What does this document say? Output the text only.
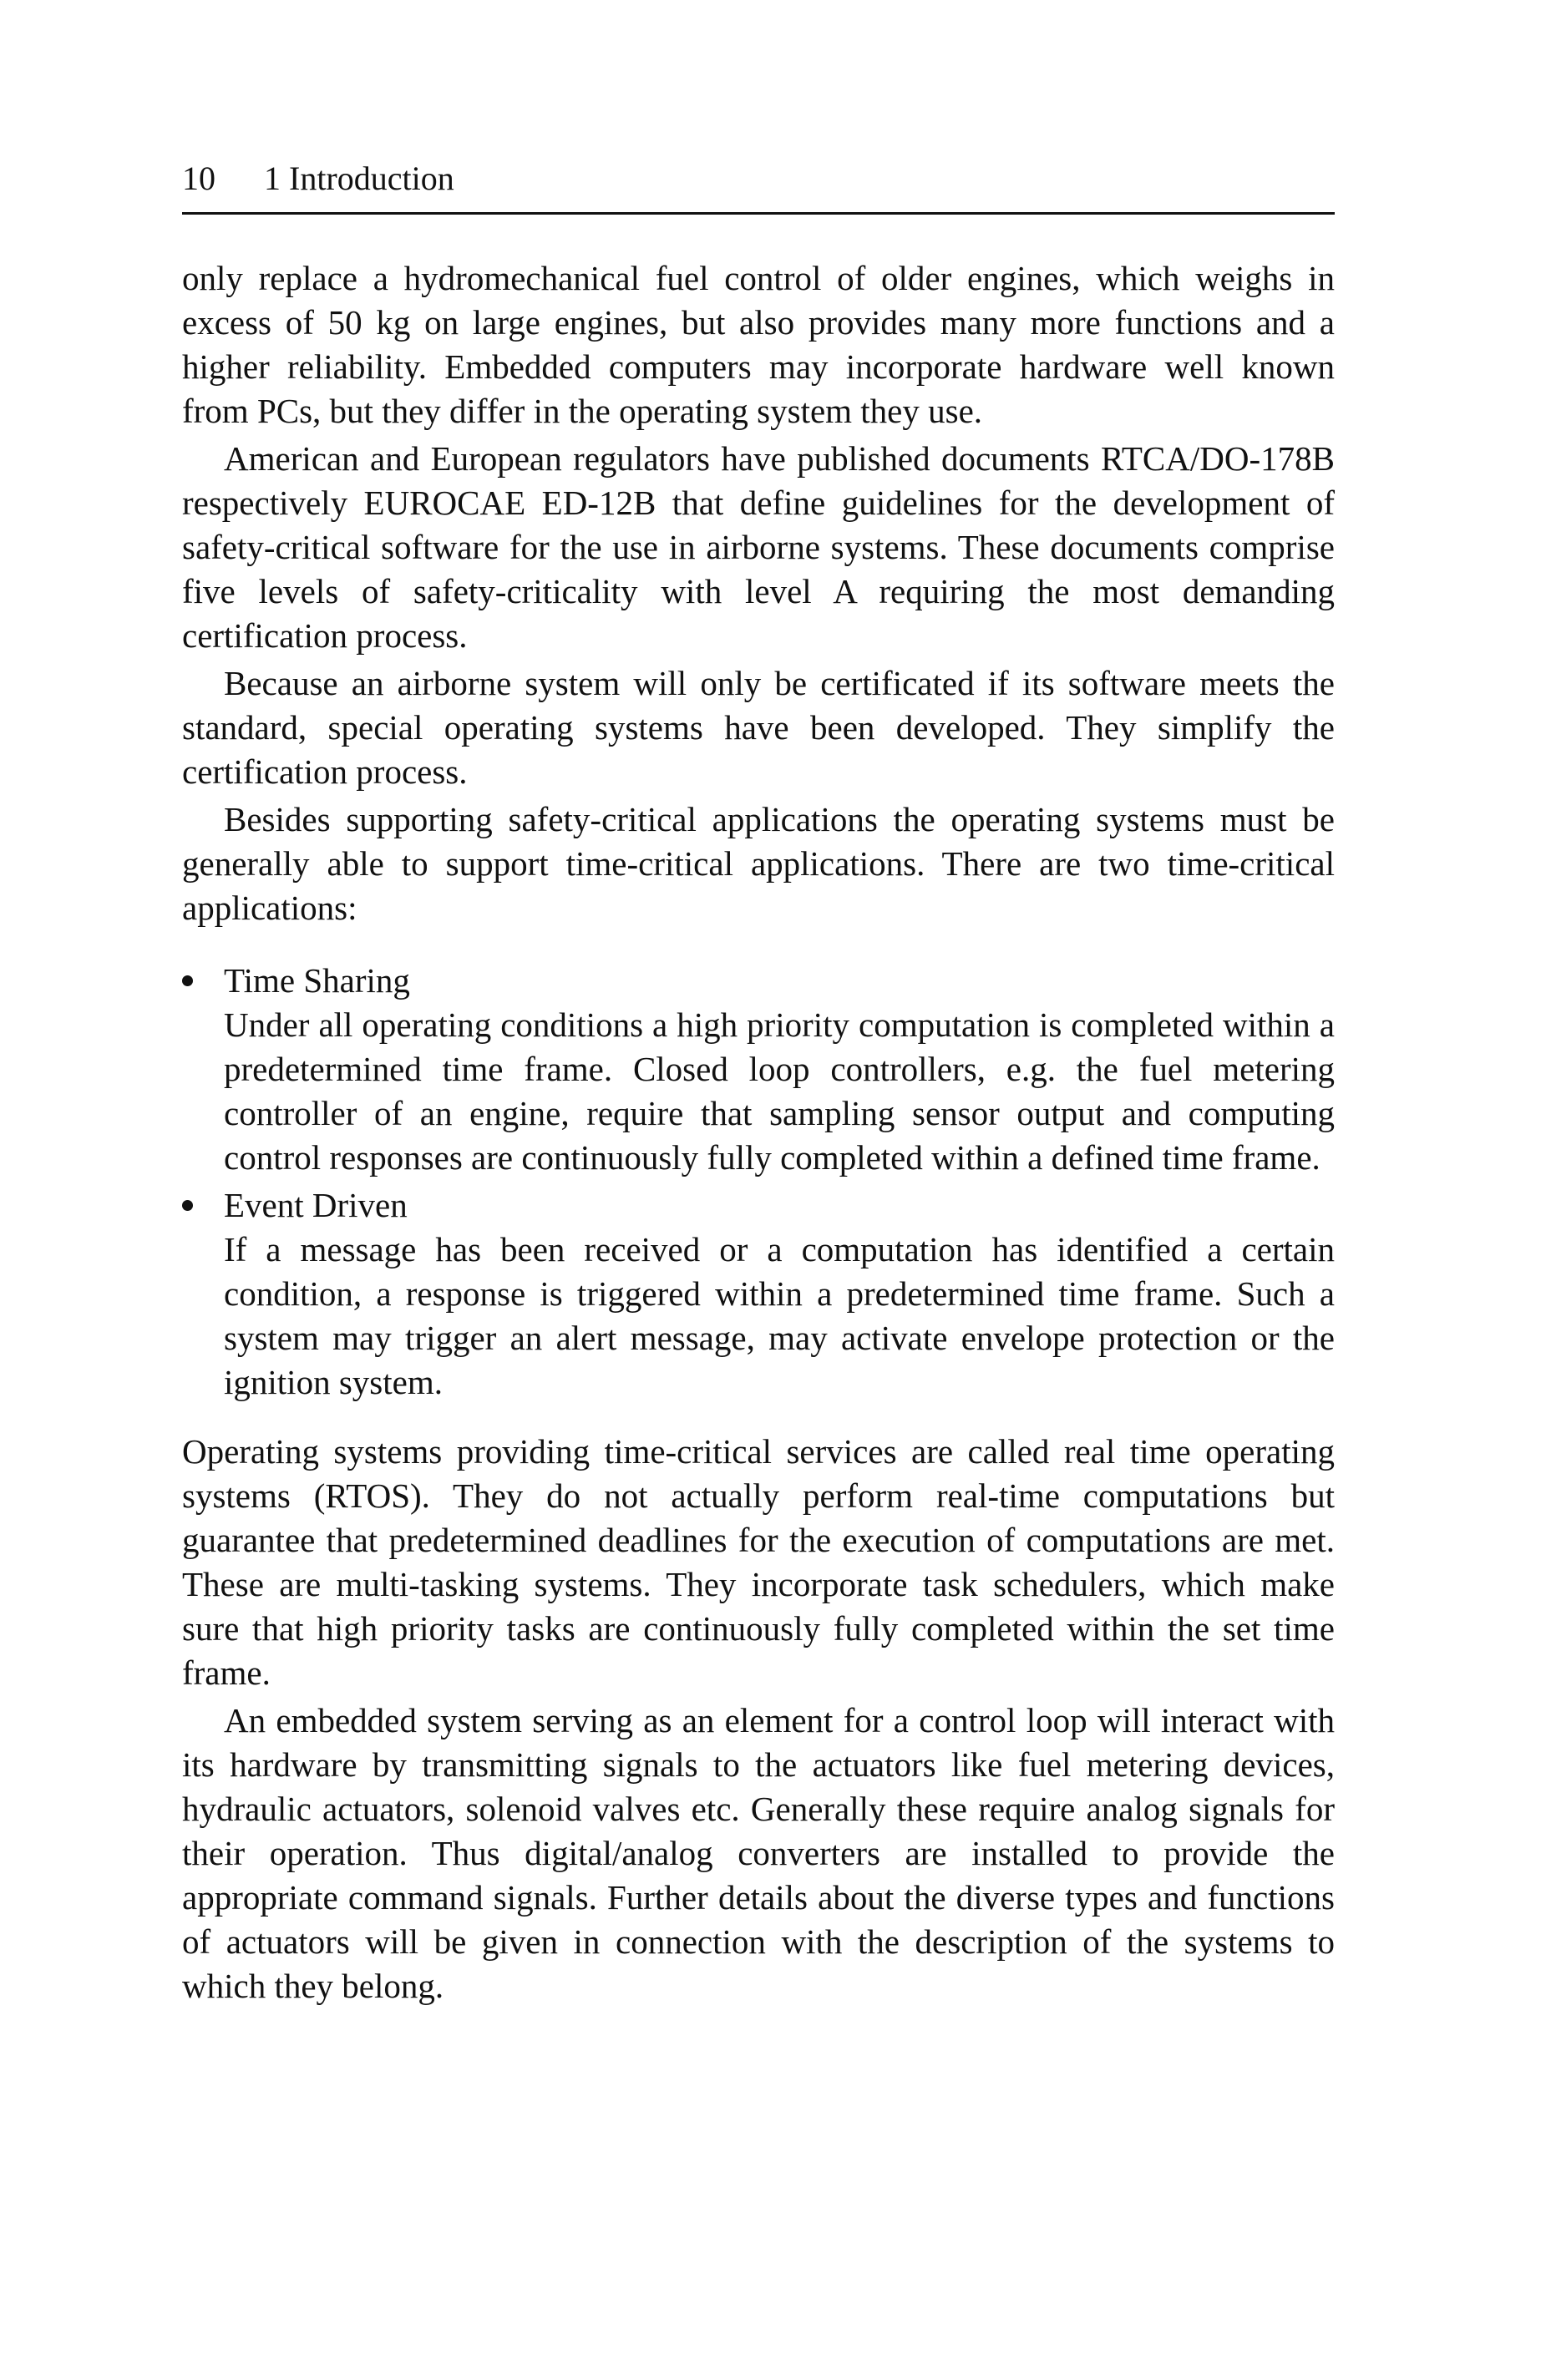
10 1 Introduction

only replace a hydromechanical fuel control of older engines, which weighs in excess of 50 kg on large engines, but also provides many more functions and a higher reliability. Embedded computers may incorporate hardware well known from PCs, but they differ in the operating system they use.

American and European regulators have published documents RTCA/DO-178B respectively EUROCAE ED-12B that define guidelines for the development of safety-critical software for the use in airborne systems. These documents comprise five levels of safety-criticality with level A requiring the most demanding certification process.

Because an airborne system will only be certificated if its software meets the standard, special operating systems have been developed. They simplify the certification process.

Besides supporting safety-critical applications the operating systems must be generally able to support time-critical applications. There are two time-critical applications:

Time Sharing
Under all operating conditions a high priority computation is completed within a predetermined time frame. Closed loop controllers, e.g. the fuel metering controller of an engine, require that sampling sensor output and computing control responses are continuously fully completed within a defined time frame.
Event Driven
If a message has been received or a computation has identified a certain condition, a response is triggered within a predetermined time frame. Such a system may trigger an alert message, may activate envelope protection or the ignition system.

Operating systems providing time-critical services are called real time operating systems (RTOS). They do not actually perform real-time computations but guarantee that predetermined deadlines for the execution of computations are met. These are multi-tasking systems. They incorporate task schedulers, which make sure that high priority tasks are continuously fully completed within the set time frame.

An embedded system serving as an element for a control loop will interact with its hardware by transmitting signals to the actuators like fuel metering devices, hydraulic actuators, solenoid valves etc. Generally these require analog signals for their operation. Thus digital/analog converters are installed to provide the appropriate command signals. Further details about the diverse types and functions of actuators will be given in connection with the description of the systems to which they belong.
